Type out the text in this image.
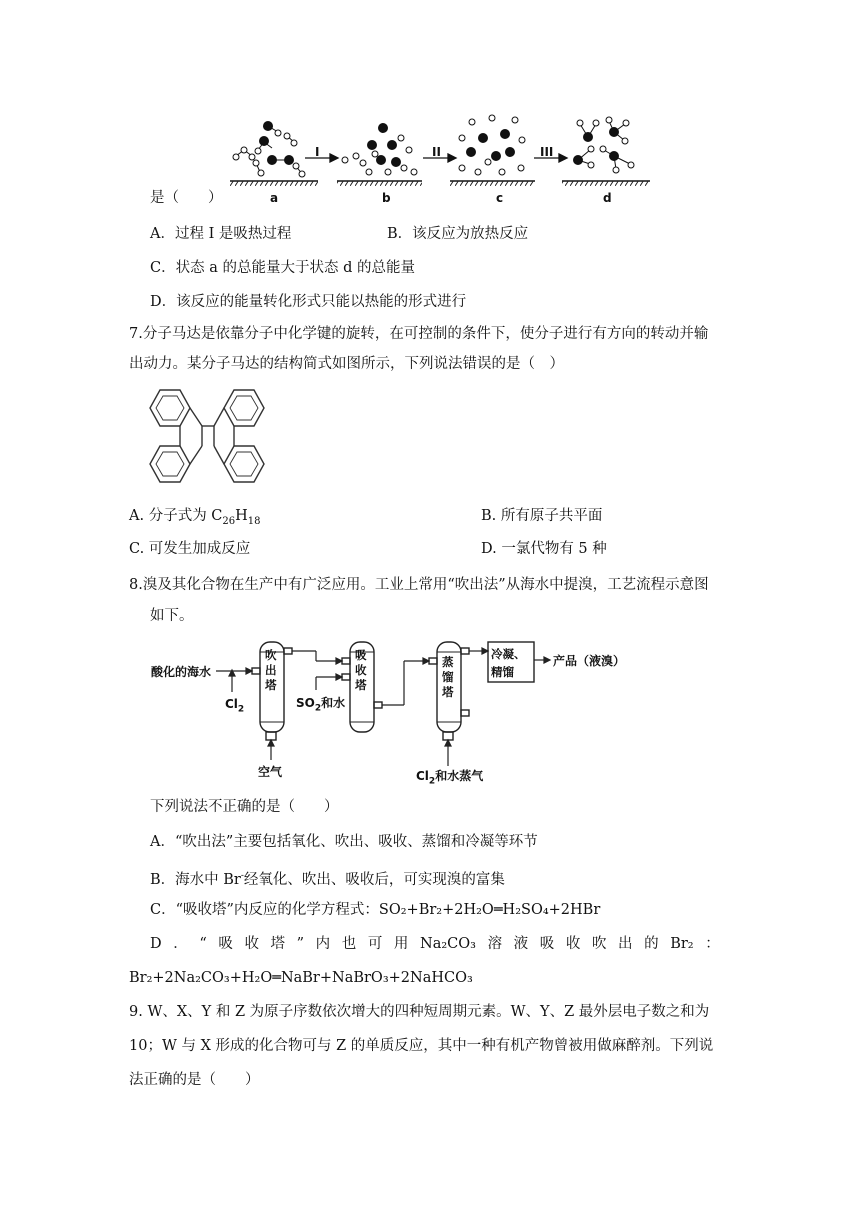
I	II	III
a	b	c	d
是（　　）
A．过程 I 是吸热过程	B．该反应为放热反应
C．状态 a 的总能量大于状态 d 的总能量
D．该反应的能量转化形式只能以热能的形式进行
7.分子马达是依靠分子中化学键的旋转，在可控制的条件下，使分子进行有方向的转动并输
出动力。某分子马达的结构简式如图所示，下列说法错误的是（　）
A. 分子式为 $C_{26}H_{18}$	B. 所有原子共平面
C. 可发生加成反应	D. 一氯代物有 5 种
8.溴及其化合物在生产中有广泛应用。工业上常用“吹出法”从海水中提溴，工艺流程示意图
如下。
酸化的海水
$Cl_2$
吹
出
塔
空气
$SO_2$和水
吸
收
塔
蒸
馏
塔
$Cl_2$和水蒸气
冷凝、
精馏
产品（液溴）
下列说法不正确的是（　　）
A．“吹出法”主要包括氧化、吹出、吸收、蒸馏和冷凝等环节
B．海水中 Br-经氧化、吹出、吸收后，可实现溴的富集
C．“吸收塔”内反应的化学方程式：SO₂+Br₂+2H₂O═H₂SO₄+2HBr
D ． “ 吸 收 塔 ” 内 也 可 用 Na₂CO₃ 溶 液 吸 收 吹 出 的 Br₂ ：
Br₂+2Na₂CO₃+H₂O═NaBr+NaBrO₃+2NaHCO₃
9. W、X、Y 和 Z 为原子序数依次增大的四种短周期元素。W、Y、Z 最外层电子数之和为
10；W 与 X 形成的化合物可与 Z 的单质反应，其中一种有机产物曾被用做麻醉剂。下列说
法正确的是（　　）
